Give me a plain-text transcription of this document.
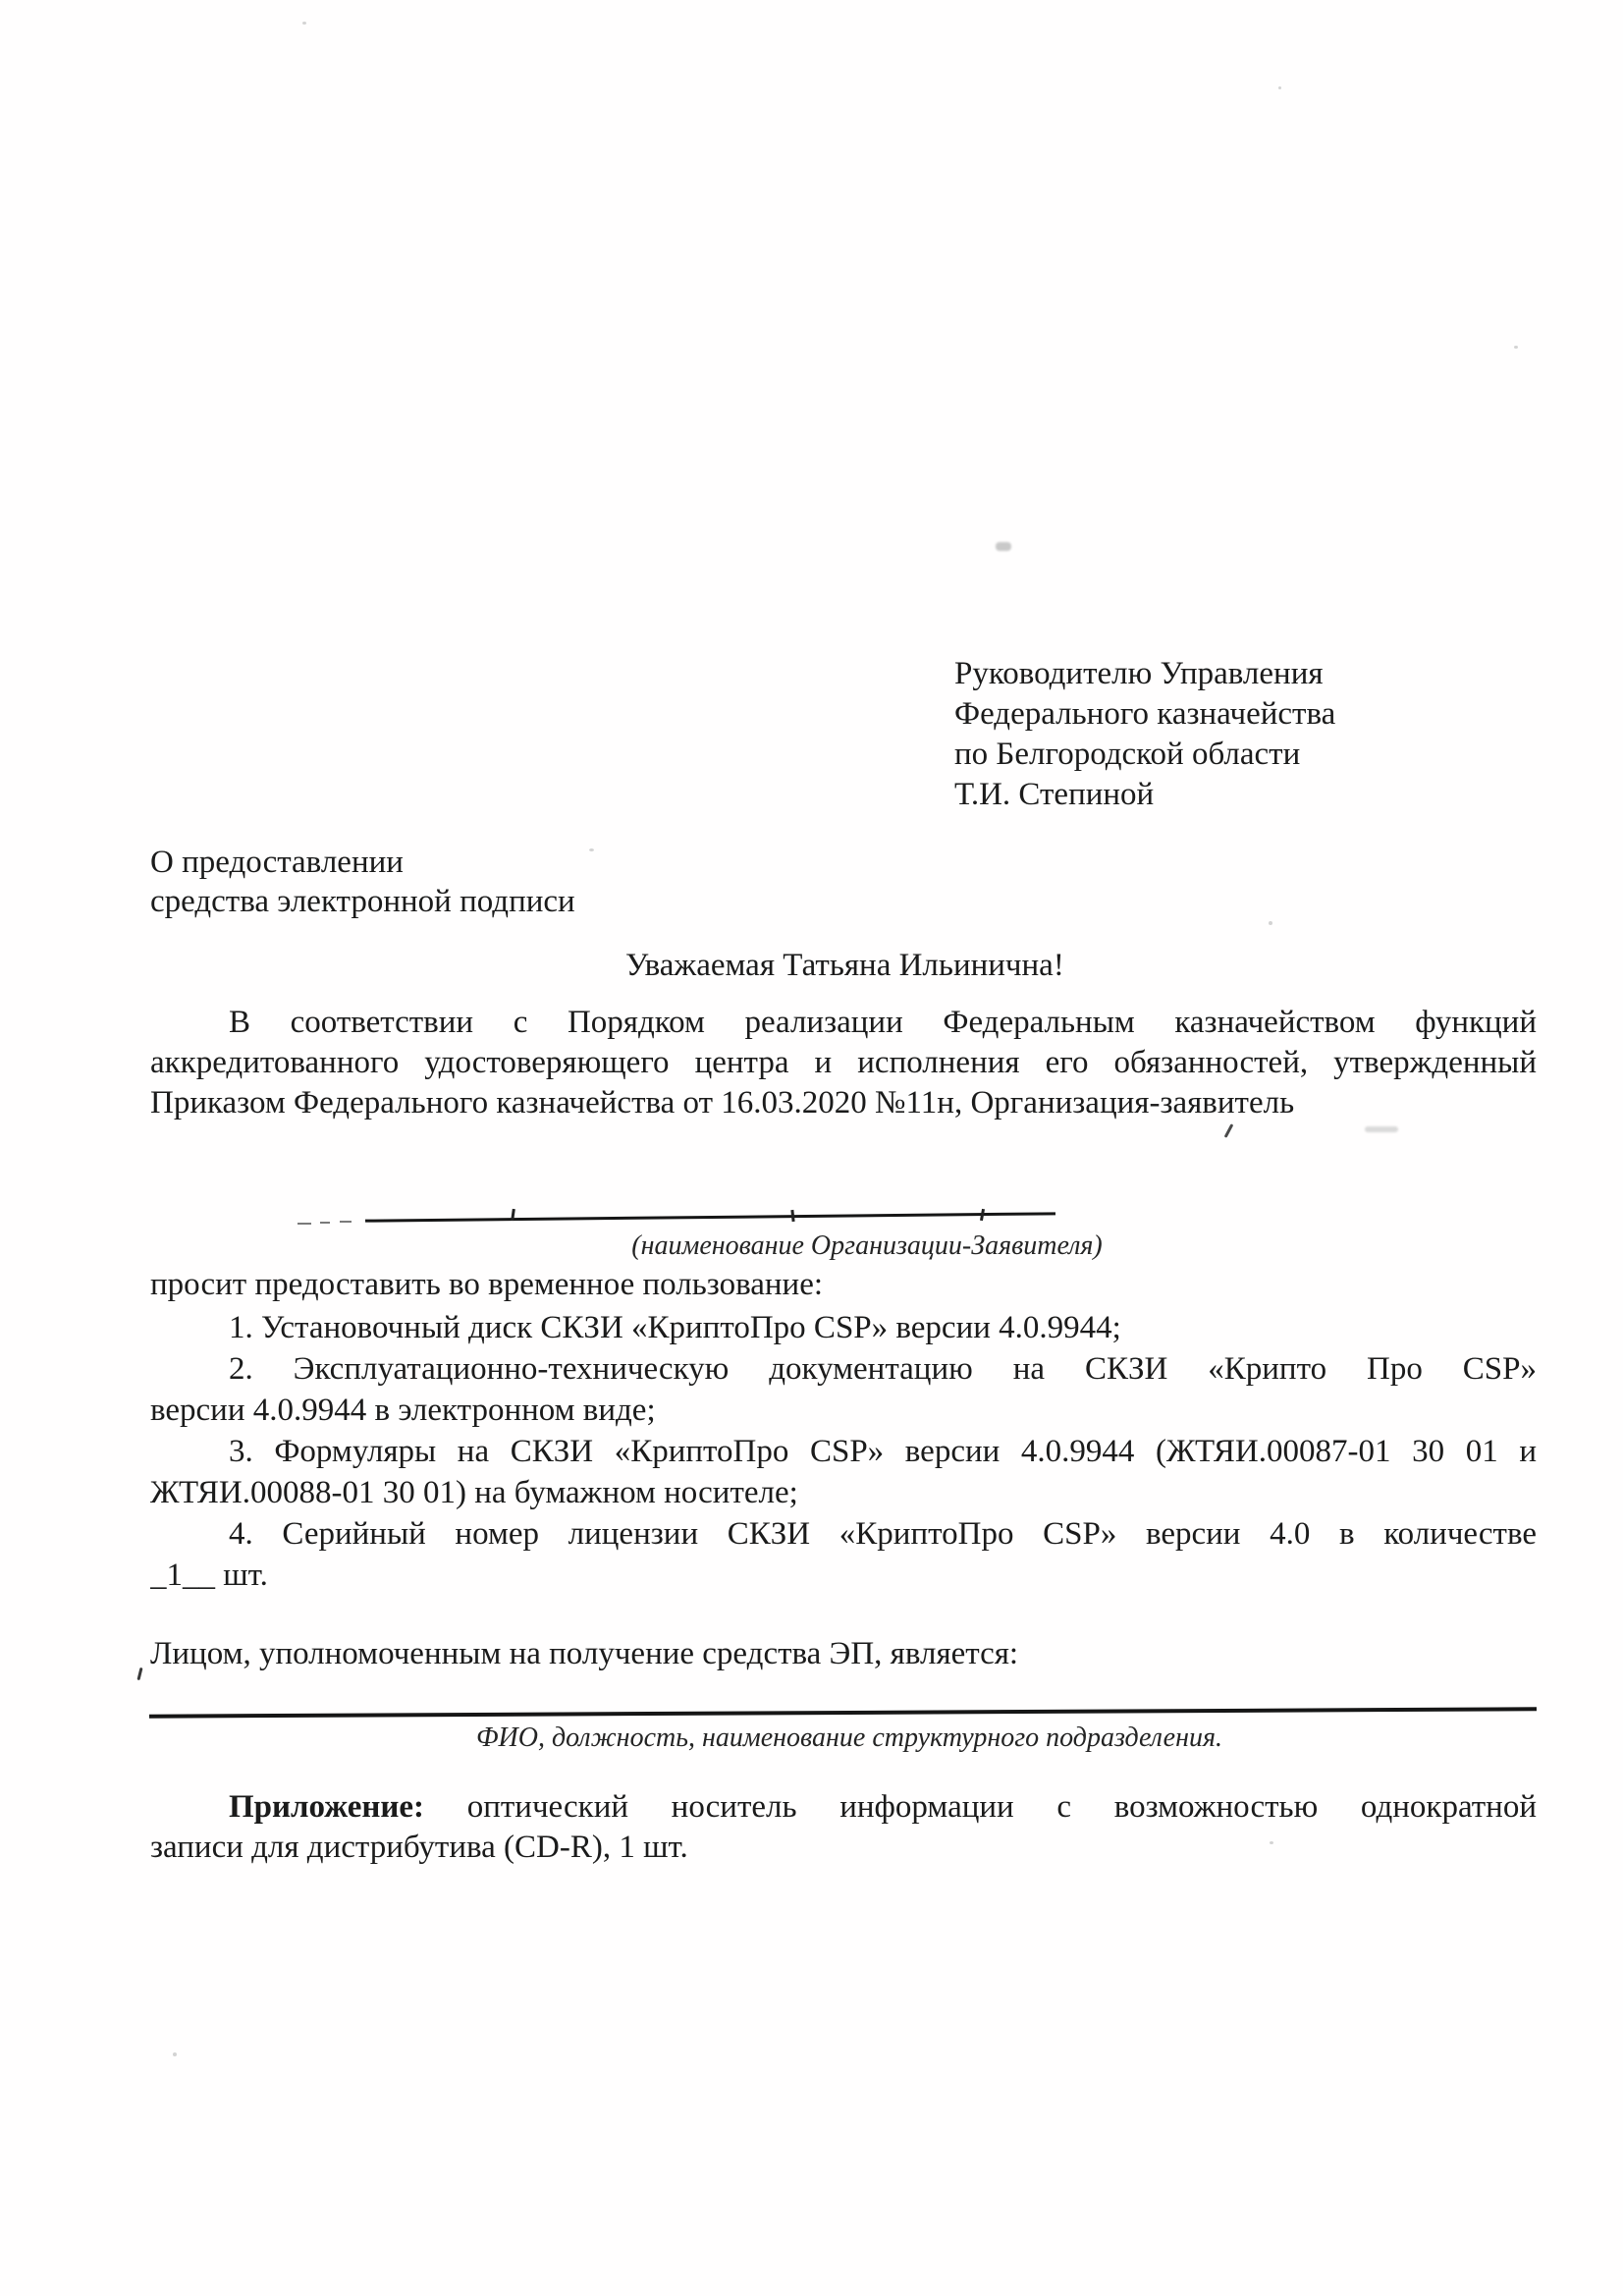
Руководителю Управления
Федерального казначейства
по Белгородской области
Т.И. Степиной
О предоставлении
средства электронной подписи
Уважаемая Татьяна Ильинична!
В соответствии с Порядком реализации Федеральным казначейством функций
аккредитованного удостоверяющего центра и исполнения его обязанностей, утвержденный
Приказом Федерального казначейства от 16.03.2020 №11н, Организация-заявитель
(наименование Организации-Заявителя)
просит предоставить во временное пользование:
1. Установочный диск СКЗИ «КриптоПро CSP» версии 4.0.9944;
2. Эксплуатационно-техническую документацию на СКЗИ «Крипто Про CSP»
версии 4.0.9944 в электронном виде;
3. Формуляры на СКЗИ «КриптоПро CSP» версии 4.0.9944 (ЖТЯИ.00087-01 30 01 и
ЖТЯИ.00088-01 30 01) на бумажном носителе;
4. Серийный номер лицензии СКЗИ «КриптоПро CSP» версии 4.0 в количестве
_1__ шт.
Лицом, уполномоченным на получение средства ЭП, является:
ФИО, должность, наименование структурного подразделения.
Приложение: оптический носитель информации с возможностью однократной
записи для дистрибутива (CD-R), 1 шт.
